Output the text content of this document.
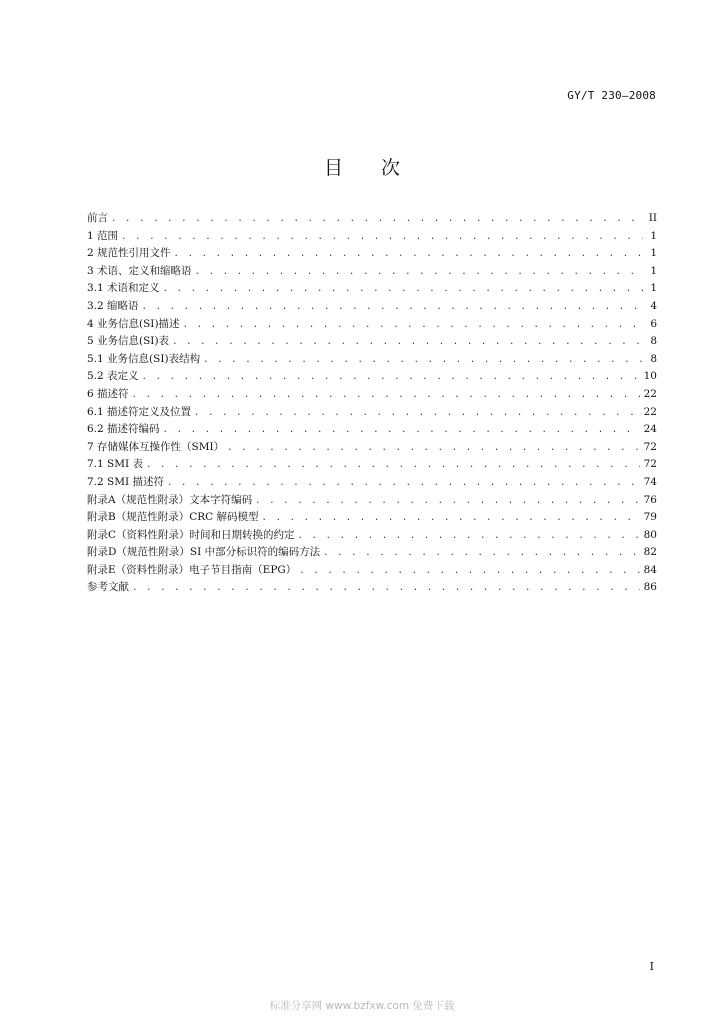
GY/T 230—2008
目 次
前言 . . .	II
1 范围 . . .	1
2 规范性引用文件 . . .	1
3 术语、定义和缩略语 . . .	1
3.1 术语和定义 . . .	1
3.2 缩略语 . . .	4
4 业务信息(SI)描述 . . .	6
5 业务信息(SI)表 . . .	8
5.1 业务信息(SI)表结构 . . .	8
5.2 表定义 . . .	10
6 描述符 . . .	22
6.1 描述符定义及位置 . . .	22
6.2 描述符编码 . . .	24
7 存储媒体互操作性（SMI） . . .	72
7.1 SMI 表 . . .	72
7.2 SMI 描述符 . . .	74
附录A（规范性附录）文本字符编码 . . .	76
附录B（规范性附录）CRC 解码模型 . . .	79
附录C（资料性附录）时间和日期转换的约定 . . .	80
附录D（规范性附录）SI 中部分标识符的编码方法 . . .	82
附录E（资料性附录）电子节目指南（EPG） . . .	84
参考文献 . . .	86
I
标准分享网 www.bzfxw.com 免费下载
